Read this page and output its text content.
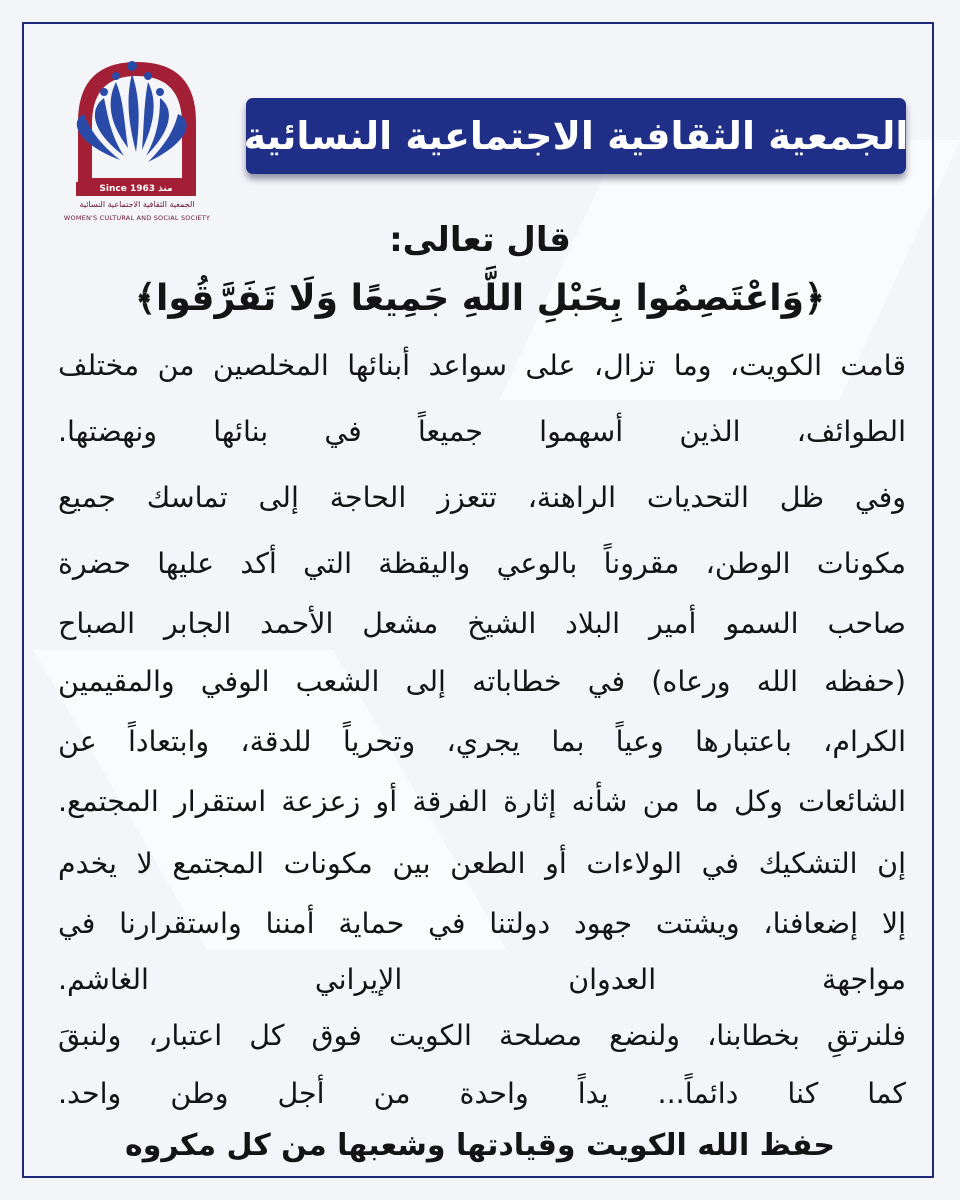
Since 1963 منذ
الجمعية الثقافية الاجتماعية النسائية
WOMEN'S CULTURAL AND SOCIAL SOCIETY
الجمعية الثقافية الاجتماعية النسائية
قال تعالى:
﴿وَاعْتَصِمُوا بِحَبْلِ اللَّهِ جَمِيعًا وَلَا تَفَرَّقُوا﴾
قامت الكويت، وما تزال، على سواعد أبنائها المخلصين من مختلف
الطوائف، الذين أسهموا جميعاً في بنائها ونهضتها.
وفي ظل التحديات الراهنة، تتعزز الحاجة إلى تماسك جميع
مكونات الوطن، مقروناً بالوعي واليقظة التي أكد عليها حضرة
صاحب السمو أمير البلاد الشيخ مشعل الأحمد الجابر الصباح
(حفظه الله ورعاه) في خطاباته إلى الشعب الوفي والمقيمين
الكرام، باعتبارها وعياً بما يجري، وتحرياً للدقة، وابتعاداً عن
الشائعات وكل ما من شأنه إثارة الفرقة أو زعزعة استقرار المجتمع.
إن التشكيك في الولاءات أو الطعن بين مكونات المجتمع لا يخدم
إلا إضعافنا، ويشتت جهود دولتنا في حماية أمننا واستقرارنا في
مواجهة العدوان الإيراني الغاشم.
فلنرتقِ بخطابنا، ولنضع مصلحة الكويت فوق كل اعتبار، ولنبقَ
كما كنا دائماً... يداً واحدة من أجل وطن واحد.
حفظ الله الكويت وقيادتها وشعبها من كل مكروه
